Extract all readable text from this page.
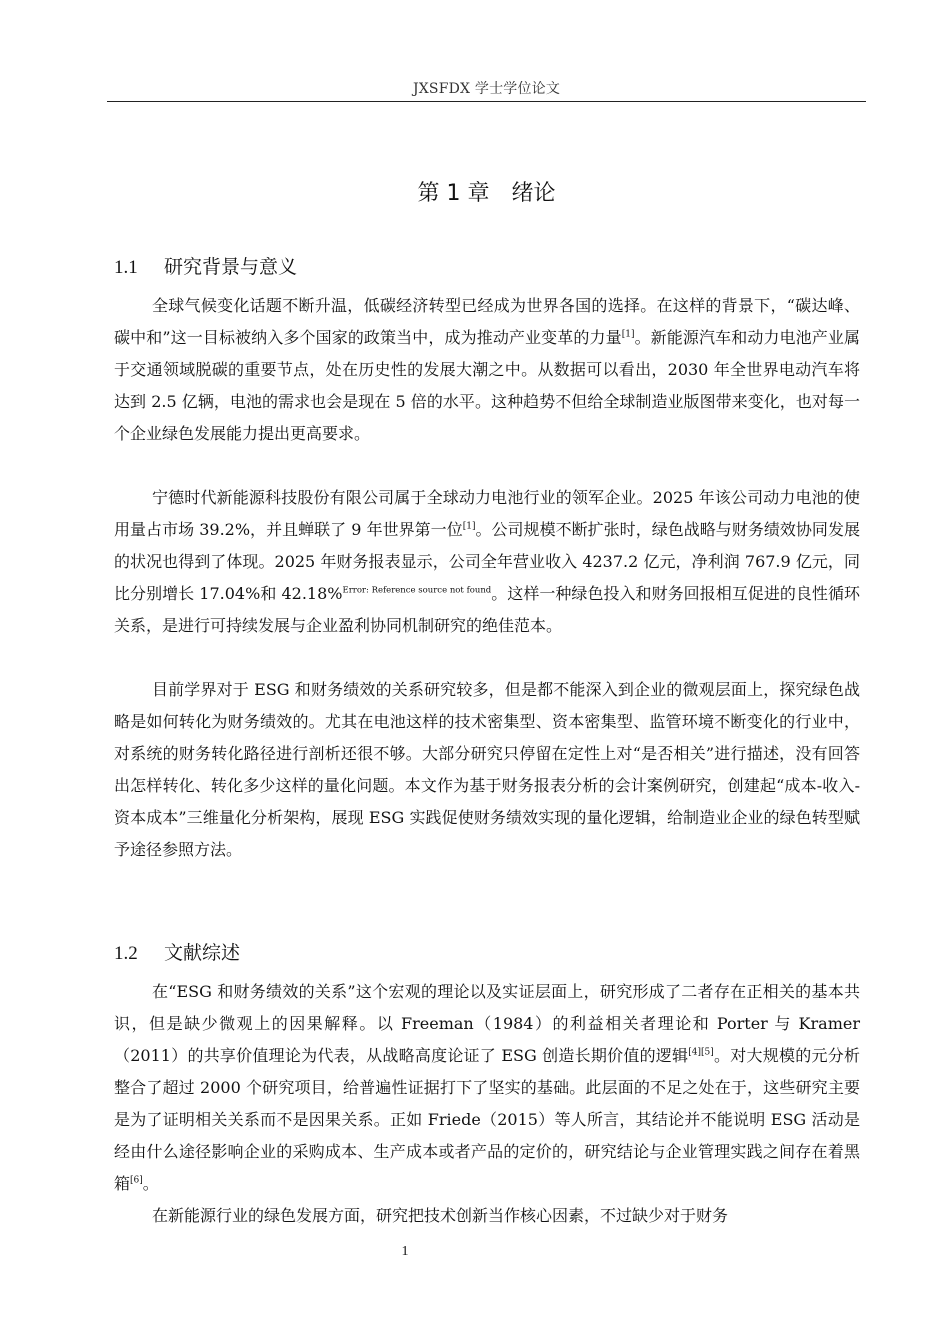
JXSFDX 学士学位论文
第 1 章　绪论
1.1 研究背景与意义

全球气候变化话题不断升温，低碳经济转型已经成为世界各国的选择。在这样的背景下，“碳达峰、碳中和”这一目标被纳入多个国家的政策当中，成为推动产业变革的力量[1]。新能源汽车和动力电池产业属于交通领域脱碳的重要节点，处在历史性的发展大潮之中。从数据可以看出，2030 年全世界电动汽车将达到 2.5 亿辆，电池的需求也会是现在 5 倍的水平。这种趋势不但给全球制造业版图带来变化，也对每一个企业绿色发展能力提出更高要求。

宁德时代新能源科技股份有限公司属于全球动力电池行业的领军企业。2025 年该公司动力电池的使用量占市场 39.2%，并且蝉联了 9 年世界第一位[1]。公司规模不断扩张时，绿色战略与财务绩效协同发展的状况也得到了体现。2025 年财务报表显示，公司全年营业收入 4237.2 亿元，净利润 767.9 亿元，同比分别增长 17.04%和 42.18%$^{Error: Reference source not found}$。这样一种绿色投入和财务回报相互促进的良性循环关系，是进行可持续发展与企业盈利协同机制研究的绝佳范本。

目前学界对于 ESG 和财务绩效的关系研究较多，但是都不能深入到企业的微观层面上，探究绿色战略是如何转化为财务绩效的。尤其在电池这样的技术密集型、资本密集型、监管环境不断变化的行业中，对系统的财务转化路径进行剖析还很不够。大部分研究只停留在定性上对“是否相关”进行描述，没有回答出怎样转化、转化多少这样的量化问题。本文作为基于财务报表分析的会计案例研究，创建起“成本-收入-资本成本”三维量化分析架构，展现 ESG 实践促使财务绩效实现的量化逻辑，给制造业企业的绿色转型赋予途径参照方法。

1.2 文献综述

在“ESG 和财务绩效的关系”这个宏观的理论以及实证层面上，研究形成了二者存在正相关的基本共识，但是缺少微观上的因果解释。以 Freeman（1984）的利益相关者理论和 Porter 与 Kramer（2011）的共享价值理论为代表，从战略高度论证了 ESG 创造长期价值的逻辑[4][5]。对大规模的元分析整合了超过 2000 个研究项目，给普遍性证据打下了坚实的基础。此层面的不足之处在于，这些研究主要是为了证明相关关系而不是因果关系。正如 Friede（2015）等人所言，其结论并不能说明 ESG 活动是经由什么途径影响企业的采购成本、生产成本或者产品的定价的，研究结论与企业管理实践之间存在着黑箱[6]。

在新能源行业的绿色发展方面，研究把技术创新当作核心因素，不过缺少对于财务

1
